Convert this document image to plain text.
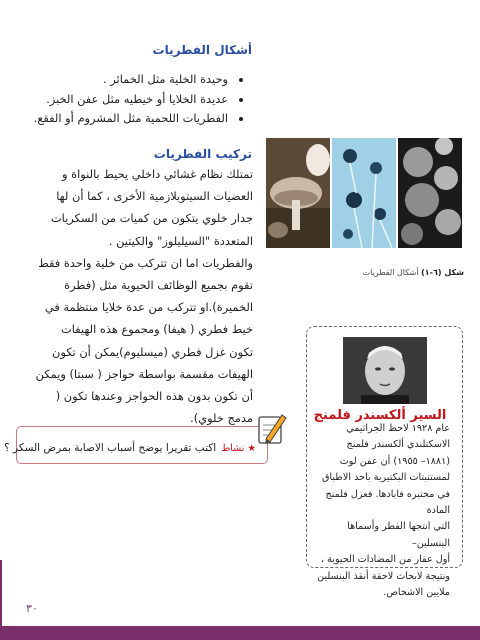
أشكال الفطريات
وحيدة الخلية مثل الخمائر .
عديدة الخلايا أو خيطيه مثل عفن الخبز.
الفطريات اللحمية مثل المشروم أو الفقع.
تركيب الفطريات
تمتلك نظام غشائي داخلي يحيط بالنواة و
العضيات السيتوبلازمية الأخرى ، كما أن لها
جدار خلوي يتكون من كميات من السكريات
المتعددة "السيليلوز" والكيتين .
والفطريات اما ان تتركب من خلية واحدة فقط
تقوم بجميع الوظائف الحيوية مثل (فطرة
الخميرة).او تتركب من عدة خلايا منتظمة في
خيط فطري ( هيفا) ومجموع هذه الهيفات
تكون غزل فطري (ميسليوم)يمكن أن تكون
الهيفات مقسمة بواسطة حواجز ( سبتا) ويمكن
أن تكون بدون هذه الحواجز وعندها تكون (
مدمج خلوي).
شكل (٦-١) أشكال الفطريات
السير ألكسندر فلمنج
عام ١٩٢٨ لاحظ الجراثيمي
الاسكتلندي ألكسندر فلمنج
(١٨٨١– ١٩٥٥) أن عفن لوث
لمستنبتات البكتيرية باحد الاطباق
في مختبره فابادها. فعزل فلمنج المادة
التي انتجها الفطر وأسماها البنسلين–
أول عقار من المضادات الحيوية ،
ونتيجة لابحاث لاحقة أنقذ البنسلين
ملايين الاشخاص.
★ نشاط اكتب تقريرا يوضح أسباب الاصابة بمرض السكر ؟
٣٠
